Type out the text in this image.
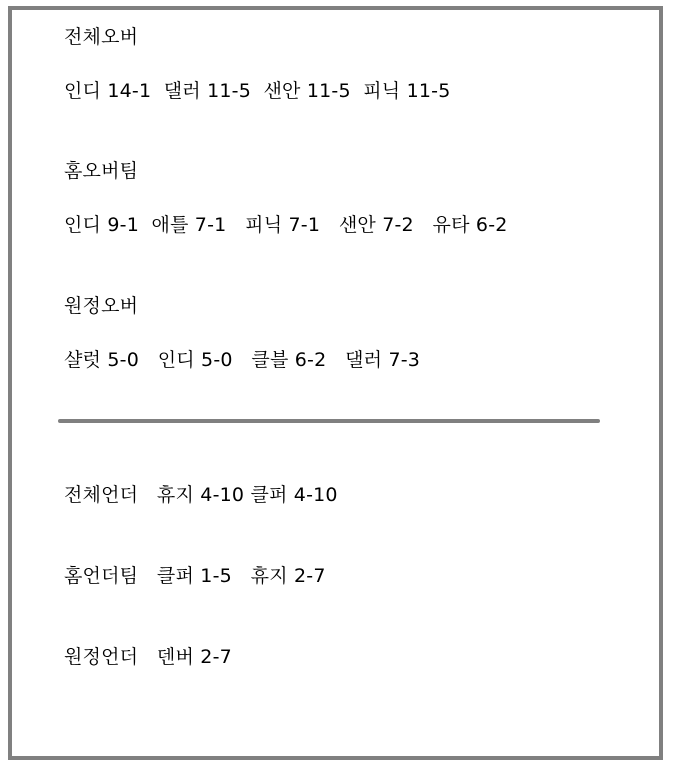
전체오버
인디 14-1  댈러 11-5  샌안 11-5  피닉 11-5
홈오버팀
인디 9-1  애틀 7-1   피닉 7-1   샌안 7-2   유타 6-2
원정오버
샬럿 5-0   인디 5-0   클블 6-2   댈러 7-3
전체언더   휴지 4-10 클퍼 4-10
홈언더팀   클퍼 1-5   휴지 2-7
원정언더   덴버 2-7
